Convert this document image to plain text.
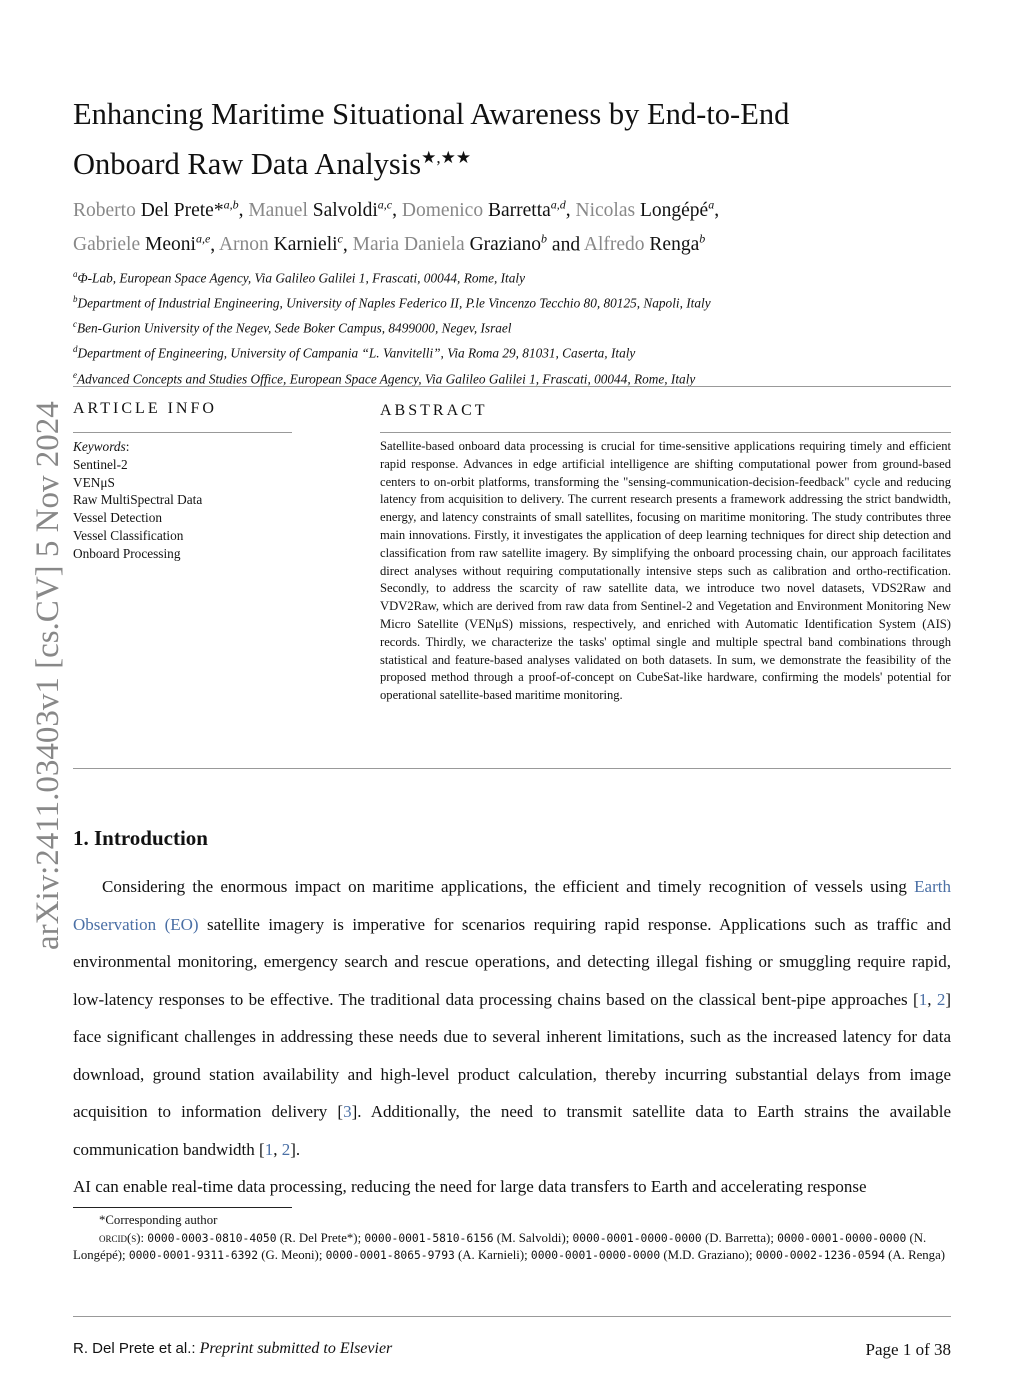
arXiv:2411.03403v1 [cs.CV] 5 Nov 2024
Enhancing Maritime Situational Awareness by End-to-End
Onboard Raw Data Analysis★,★★
Roberto Del Prete*$^{a,b}$, Manuel Salvoldi$^{a,c}$, Domenico Barretta$^{a,d}$, Nicolas Longépé$^a$,
Gabriele Meoni$^{a,e}$, Arnon Karnieli$^c$, Maria Daniela Graziano$^b$ and Alfredo Renga$^b$
$^a$Φ-Lab, European Space Agency, Via Galileo Galilei 1, Frascati, 00044, Rome, Italy
$^b$Department of Industrial Engineering, University of Naples Federico II, P.le Vincenzo Tecchio 80, 80125, Napoli, Italy
$^c$Ben-Gurion University of the Negev, Sede Boker Campus, 8499000, Negev, Israel
$^d$Department of Engineering, University of Campania “L. Vanvitelli”, Via Roma 29, 81031, Caserta, Italy
$^e$Advanced Concepts and Studies Office, European Space Agency, Via Galileo Galilei 1, Frascati, 00044, Rome, Italy
ARTICLE INFO	ABSTRACT
Keywords:
Sentinel-2
VENμS
Raw MultiSpectral Data
Vessel Detection
Vessel Classification
Onboard Processing
Satellite-based onboard data processing is crucial for time-sensitive applications requiring timely and efficient rapid response. Advances in edge artificial intelligence are shifting computational power from ground-based centers to on-orbit platforms, transforming the "sensing-communication-decision-feedback" cycle and reducing latency from acquisition to delivery. The current research presents a framework addressing the strict bandwidth, energy, and latency constraints of small satellites, focusing on maritime monitoring. The study contributes three main innovations. Firstly, it investigates the application of deep learning techniques for direct ship detection and classification from raw satellite imagery. By simplifying the onboard processing chain, our approach facilitates direct analyses without requiring computationally intensive steps such as calibration and ortho-rectification. Secondly, to address the scarcity of raw satellite data, we introduce two novel datasets, VDS2Raw and VDV2Raw, which are derived from raw data from Sentinel-2 and Vegetation and Environment Monitoring New Micro Satellite (VENμS) missions, respectively, and enriched with Automatic Identification System (AIS) records. Thirdly, we characterize the tasks' optimal single and multiple spectral band combinations through statistical and feature-based analyses validated on both datasets. In sum, we demonstrate the feasibility of the proposed method through a proof-of-concept on CubeSat-like hardware, confirming the models' potential for operational satellite-based maritime monitoring.
1. Introduction

Considering the enormous impact on maritime applications, the efficient and timely recognition of vessels using Earth Observation (EO) satellite imagery is imperative for scenarios requiring rapid response. Applications such as traffic and environmental monitoring, emergency search and rescue operations, and detecting illegal fishing or smuggling require rapid, low-latency responses to be effective. The traditional data processing chains based on the classical bent-pipe approaches [1, 2] face significant challenges in addressing these needs due to several inherent limitations, such as the increased latency for data download, ground station availability and high-level product calculation, thereby incurring substantial delays from image acquisition to information delivery [3]. Additionally, the need to transmit satellite data to Earth strains the available communication bandwidth [1, 2].

AI can enable real-time data processing, reducing the need for large data transfers to Earth and accelerating response

*Corresponding author
orcid(s): 0000-0003-0810-4050 (R. Del Prete*); 0000-0001-5810-6156 (M. Salvoldi); 0000-0001-0000-0000 (D. Barretta); 0000-0001-0000-0000 (N. Longépé); 0000-0001-9311-6392 (G. Meoni); 0000-0001-8065-9793 (A. Karnieli); 0000-0001-0000-0000 (M.D. Graziano); 0000-0002-1236-0594 (A. Renga)
R. Del Prete et al.: Preprint submitted to Elsevier	Page 1 of 38
